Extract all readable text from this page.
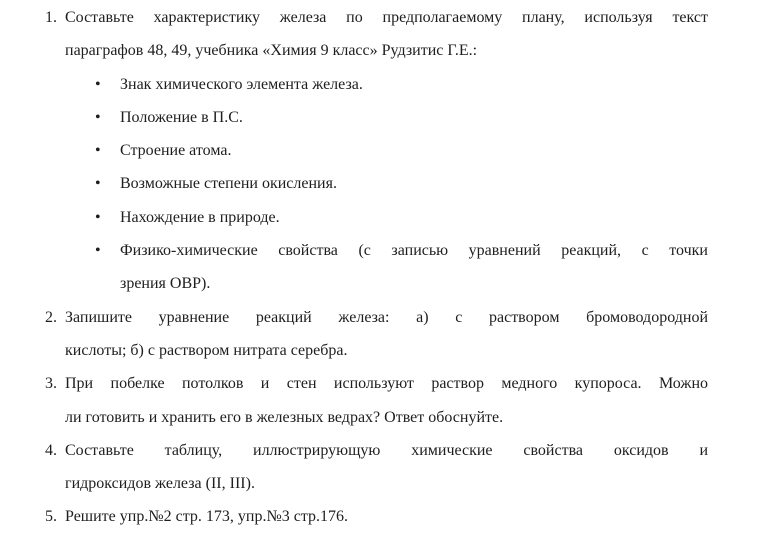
1. Составьте характеристику железа по предполагаемому плану, используя текст
параграфов 48, 49, учебника «Химия 9 класс» Рудзитис Г.Е.:
• Знак химического элемента железа.
• Положение в П.С.
• Строение атома.
• Возможные степени окисления.
• Нахождение в природе.
• Физико-химические свойства (с записью уравнений реакций, с точки
зрения ОВР).
2. Запишите уравнение реакций железа: а) с раствором бромоводородной
кислоты; б) с раствором нитрата серебра.
3. При побелке потолков и стен используют раствор медного купороса. Можно
ли готовить и хранить его в железных ведрах? Ответ обоснуйте.
4. Составьте таблицу, иллюстрирующую химические свойства оксидов и
гидроксидов железа (II, III).
5. Решите упр.№2 стр. 173, упр.№3 стр.176.
